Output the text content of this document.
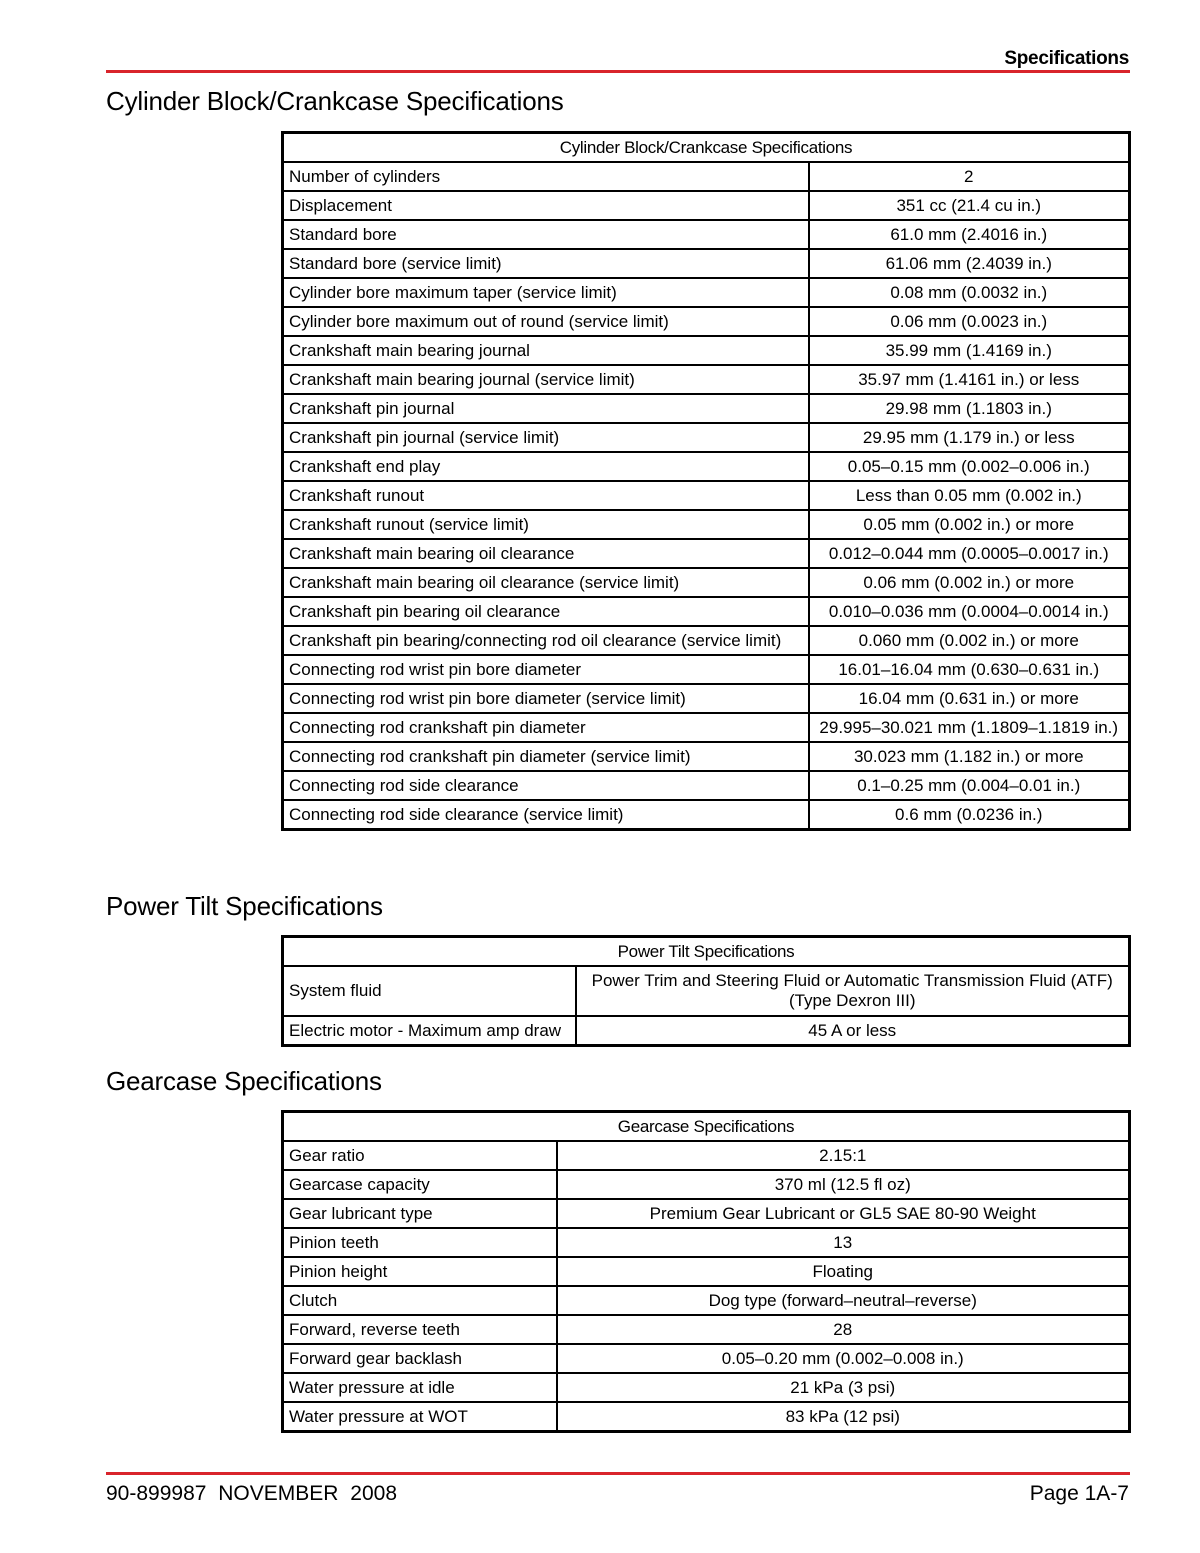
Specifications
Cylinder Block/Crankcase Specifications
Cylinder Block/Crankcase Specifications	
Number of cylinders	2
Displacement	351 cc (21.4 cu in.)
Standard bore	61.0 mm (2.4016 in.)
Standard bore (service limit)	61.06 mm (2.4039 in.)
Cylinder bore maximum taper (service limit)	0.08 mm (0.0032 in.)
Cylinder bore maximum out of round (service limit)	0.06 mm (0.0023 in.)
Crankshaft main bearing journal	35.99 mm (1.4169 in.)
Crankshaft main bearing journal (service limit)	35.97 mm (1.4161 in.) or less
Crankshaft pin journal	29.98 mm (1.1803 in.)
Crankshaft pin journal (service limit)	29.95 mm (1.179 in.) or less
Crankshaft end play	0.05–0.15 mm (0.002–0.006 in.)
Crankshaft runout	Less than 0.05 mm (0.002 in.)
Crankshaft runout (service limit)	0.05 mm (0.002 in.) or more
Crankshaft main bearing oil clearance	0.012–0.044 mm (0.0005–0.0017 in.)
Crankshaft main bearing oil clearance (service limit)	0.06 mm (0.002 in.) or more
Crankshaft pin bearing oil clearance	0.010–0.036 mm (0.0004–0.0014 in.)
Crankshaft pin bearing/connecting rod oil clearance (service limit)	0.060 mm (0.002 in.) or more
Connecting rod wrist pin bore diameter	16.01–16.04 mm (0.630–0.631 in.)
Connecting rod wrist pin bore diameter (service limit)	16.04 mm (0.631 in.) or more
Connecting rod crankshaft pin diameter	29.995–30.021 mm (1.1809–1.1819 in.)
Connecting rod crankshaft pin diameter (service limit)	30.023 mm (1.182 in.) or more
Connecting rod side clearance	0.1–0.25 mm (0.004–0.01 in.)
Connecting rod side clearance (service limit)	0.6 mm (0.0236 in.)
Power Tilt Specifications
Power Tilt Specifications	
System fluid	Power Trim and Steering Fluid or Automatic Transmission Fluid (ATF)
(Type Dexron III)

Electric motor - Maximum amp draw	45 A or less
Gearcase Specifications
Gearcase Specifications	
Gear ratio	2.15:1
Gearcase capacity	370 ml (12.5 fl oz)
Gear lubricant type	Premium Gear Lubricant or GL5 SAE 80-90 Weight
Pinion teeth	13
Pinion height	Floating
Clutch	Dog type (forward–neutral–reverse)
Forward, reverse teeth	28
Forward gear backlash	0.05–0.20 mm (0.002–0.008 in.)
Water pressure at idle	21 kPa (3 psi)
Water pressure at WOT	83 kPa (12 psi)
90-899987 NOVEMBER 2008	Page 1A-7
